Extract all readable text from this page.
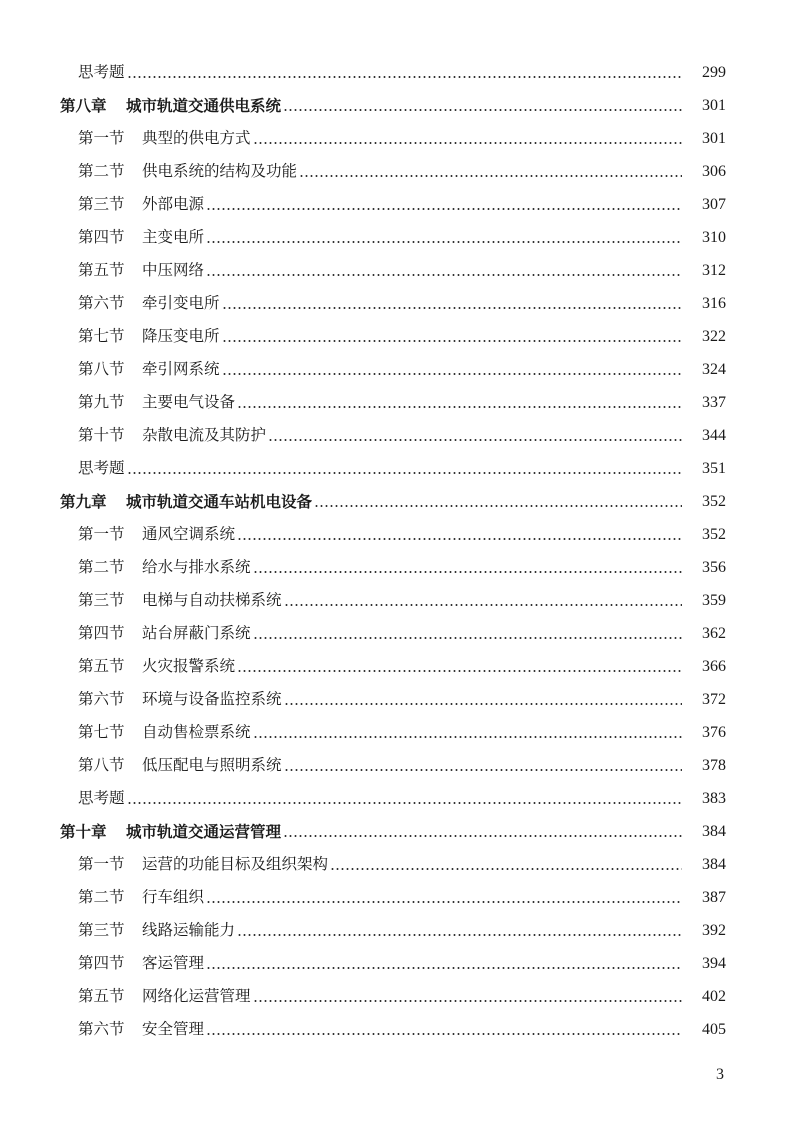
思考题	299
第八章	城市轨道交通供电系统	301
第一节	典型的供电方式	301
第二节	供电系统的结构及功能	306
第三节	外部电源	307
第四节	主变电所	310
第五节	中压网络	312
第六节	牵引变电所	316
第七节	降压变电所	322
第八节	牵引网系统	324
第九节	主要电气设备	337
第十节	杂散电流及其防护	344
思考题	351
第九章	城市轨道交通车站机电设备	352
第一节	通风空调系统	352
第二节	给水与排水系统	356
第三节	电梯与自动扶梯系统	359
第四节	站台屏蔽门系统	362
第五节	火灾报警系统	366
第六节	环境与设备监控系统	372
第七节	自动售检票系统	376
第八节	低压配电与照明系统	378
思考题	383
第十章	城市轨道交通运营管理	384
第一节	运营的功能目标及组织架构	384
第二节	行车组织	387
第三节	线路运输能力	392
第四节	客运管理	394
第五节	网络化运营管理	402
第六节	安全管理	405
3
